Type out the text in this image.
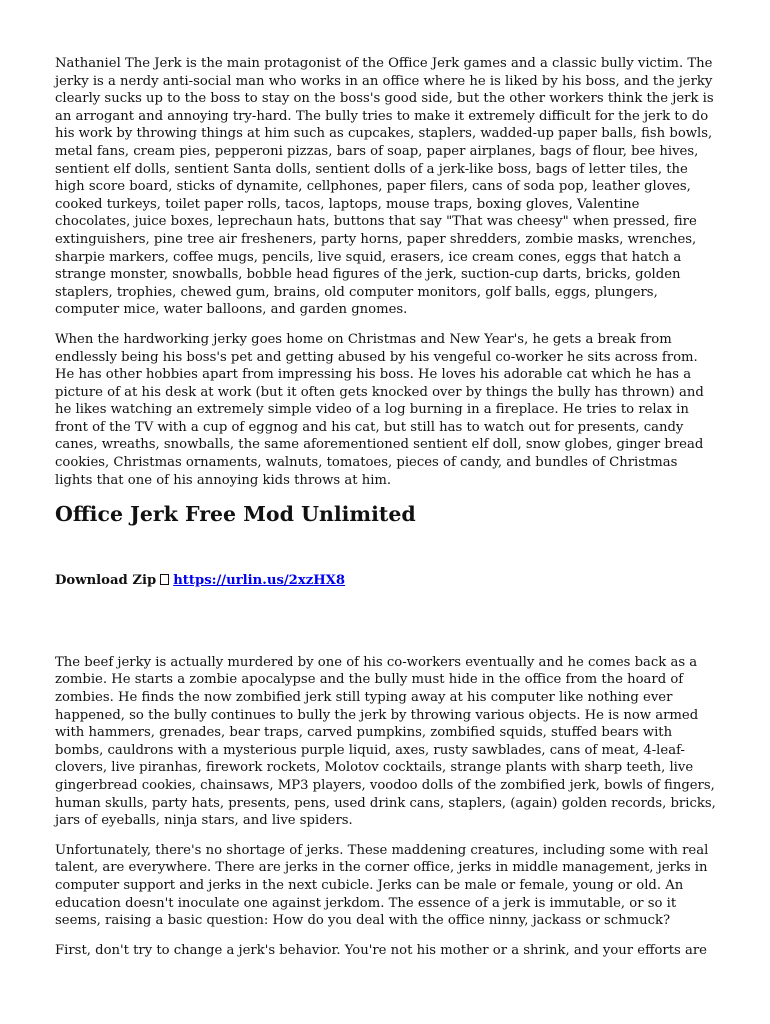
Nathaniel The Jerk is the main protagonist of the Office Jerk games and a classic bully victim. The jerky is a nerdy anti-social man who works in an office where he is liked by his boss, and the jerky clearly sucks up to the boss to stay on the boss's good side, but the other workers think the jerk is an arrogant and annoying try-hard. The bully tries to make it extremely difficult for the jerk to do his work by throwing things at him such as cupcakes, staplers, wadded-up paper balls, fish bowls, metal fans, cream pies, pepperoni pizzas, bars of soap, paper airplanes, bags of flour, bee hives, sentient elf dolls, sentient Santa dolls, sentient dolls of a jerk-like boss, bags of letter tiles, the high score board, sticks of dynamite, cellphones, paper filers, cans of soda pop, leather gloves, cooked turkeys, toilet paper rolls, tacos, laptops, mouse traps, boxing gloves, Valentine chocolates, juice boxes, leprechaun hats, buttons that say "That was cheesy" when pressed, fire extinguishers, pine tree air fresheners, party horns, paper shredders, zombie masks, wrenches, sharpie markers, coffee mugs, pencils, live squid, erasers, ice cream cones, eggs that hatch a strange monster, snowballs, bobble head figures of the jerk, suction-cup darts, bricks, golden staplers, trophies, chewed gum, brains, old computer monitors, golf balls, eggs, plungers, computer mice, water balloons, and garden gnomes.

When the hardworking jerky goes home on Christmas and New Year's, he gets a break from endlessly being his boss's pet and getting abused by his vengeful co-worker he sits across from. He has other hobbies apart from impressing his boss. He loves his adorable cat which he has a picture of at his desk at work (but it often gets knocked over by things the bully has thrown) and he likes watching an extremely simple video of a log burning in a fireplace. He tries to relax in front of the TV with a cup of eggnog and his cat, but still has to watch out for presents, candy canes, wreaths, snowballs, the same aforementioned sentient elf doll, snow globes, ginger bread cookies, Christmas ornaments, walnuts, tomatoes, pieces of candy, and bundles of Christmas lights that one of his annoying kids throws at him.

Office Jerk Free Mod Unlimited
Download Zip https://urlin.us/2xzHX8

The beef jerky is actually murdered by one of his co-workers eventually and he comes back as a zombie. He starts a zombie apocalypse and the bully must hide in the office from the hoard of zombies. He finds the now zombified jerk still typing away at his computer like nothing ever happened, so the bully continues to bully the jerk by throwing various objects. He is now armed with hammers, grenades, bear traps, carved pumpkins, zombified squids, stuffed bears with bombs, cauldrons with a mysterious purple liquid, axes, rusty sawblades, cans of meat, 4-leaf-clovers, live piranhas, firework rockets, Molotov cocktails, strange plants with sharp teeth, live gingerbread cookies, chainsaws, MP3 players, voodoo dolls of the zombified jerk, bowls of fingers, human skulls, party hats, presents, pens, used drink cans, staplers, (again) golden records, bricks, jars of eyeballs, ninja stars, and live spiders.

Unfortunately, there's no shortage of jerks. These maddening creatures, including some with real talent, are everywhere. There are jerks in the corner office, jerks in middle management, jerks in computer support and jerks in the next cubicle. Jerks can be male or female, young or old. An education doesn't inoculate one against jerkdom. The essence of a jerk is immutable, or so it seems, raising a basic question: How do you deal with the office ninny, jackass or schmuck?

First, don't try to change a jerk's behavior. You're not his mother or a shrink, and your efforts are
